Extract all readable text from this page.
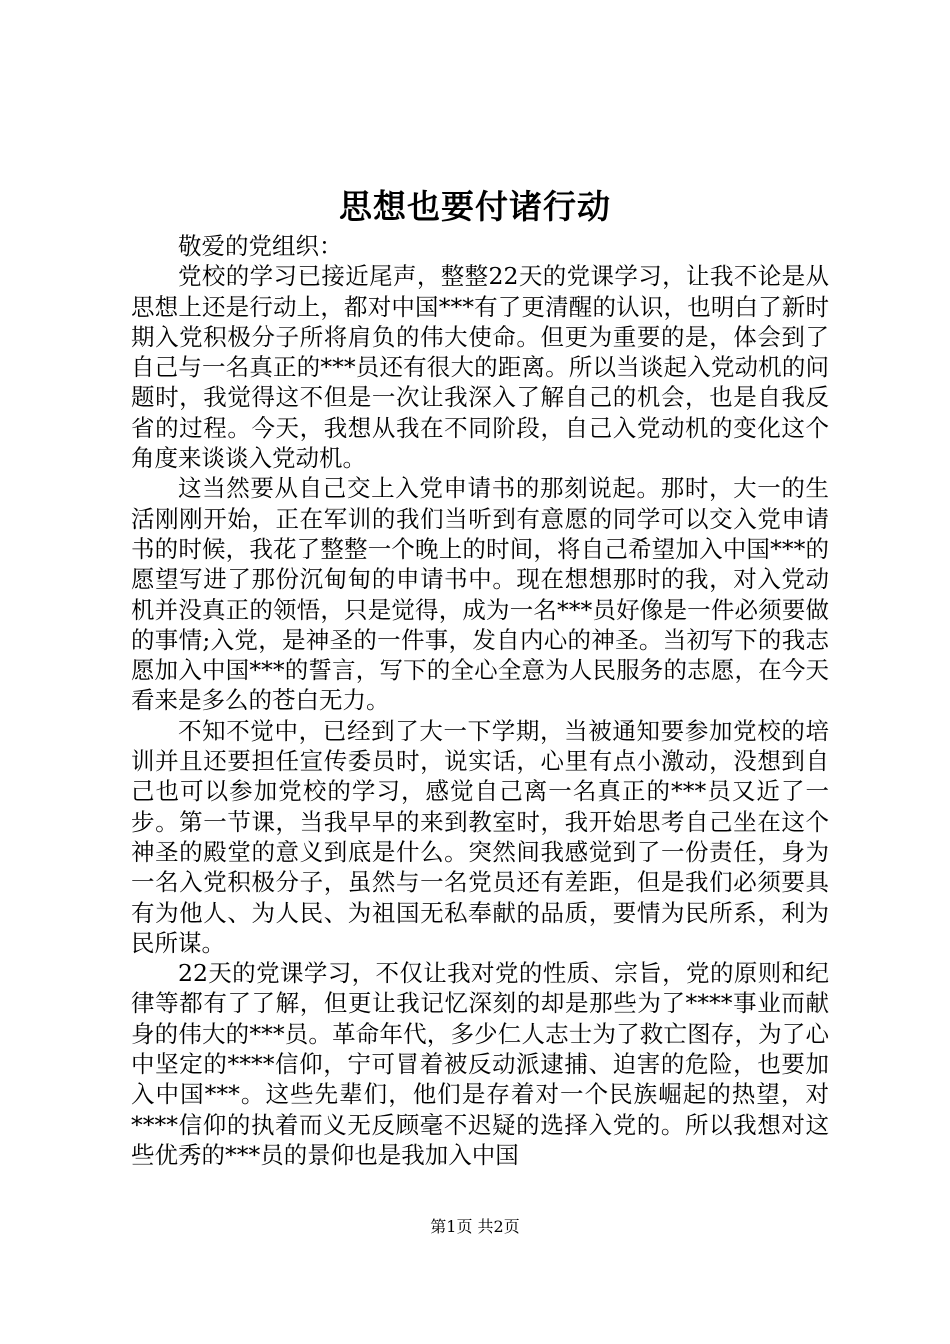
思想也要付诸行动

敬爱的党组织：

党校的学习已接近尾声，整整22天的党课学习，让我不论是从思想上还是行动上，都对中国***有了更清醒的认识，也明白了新时期入党积极分子所将肩负的伟大使命。但更为重要的是，体会到了自己与一名真正的***员还有很大的距离。所以当谈起入党动机的问题时，我觉得这不但是一次让我深入了解自己的机会，也是自我反省的过程。今天，我想从我在不同阶段，自己入党动机的变化这个角度来谈谈入党动机。

这当然要从自己交上入党申请书的那刻说起。那时，大一的生活刚刚开始，正在军训的我们当听到有意愿的同学可以交入党申请书的时候，我花了整整一个晚上的时间，将自己希望加入中国***的愿望写进了那份沉甸甸的申请书中。现在想想那时的我，对入党动机并没真正的领悟，只是觉得，成为一名***员好像是一件必须要做的事情;入党，是神圣的一件事，发自内心的神圣。当初写下的我志愿加入中国***的誓言，写下的全心全意为人民服务的志愿，在今天看来是多么的苍白无力。

不知不觉中，已经到了大一下学期，当被通知要参加党校的培训并且还要担任宣传委员时，说实话，心里有点小激动，没想到自己也可以参加党校的学习，感觉自己离一名真正的***员又近了一步。第一节课，当我早早的来到教室时，我开始思考自己坐在这个神圣的殿堂的意义到底是什么。突然间我感觉到了一份责任，身为一名入党积极分子，虽然与一名党员还有差距，但是我们必须要具有为他人、为人民、为祖国无私奉献的品质，要情为民所系，利为民所谋。

22天的党课学习，不仅让我对党的性质、宗旨，党的原则和纪律等都有了了解，但更让我记忆深刻的却是那些为了****事业而献身的伟大的***员。革命年代，多少仁人志士为了救亡图存，为了心中坚定的****信仰，宁可冒着被反动派逮捕、迫害的危险，也要加入中国***。这些先辈们，他们是存着对一个民族崛起的热望，对****信仰的执着而义无反顾毫不迟疑的选择入党的。所以我想对这些优秀的***员的景仰也是我加入中国

第1页 共2页
